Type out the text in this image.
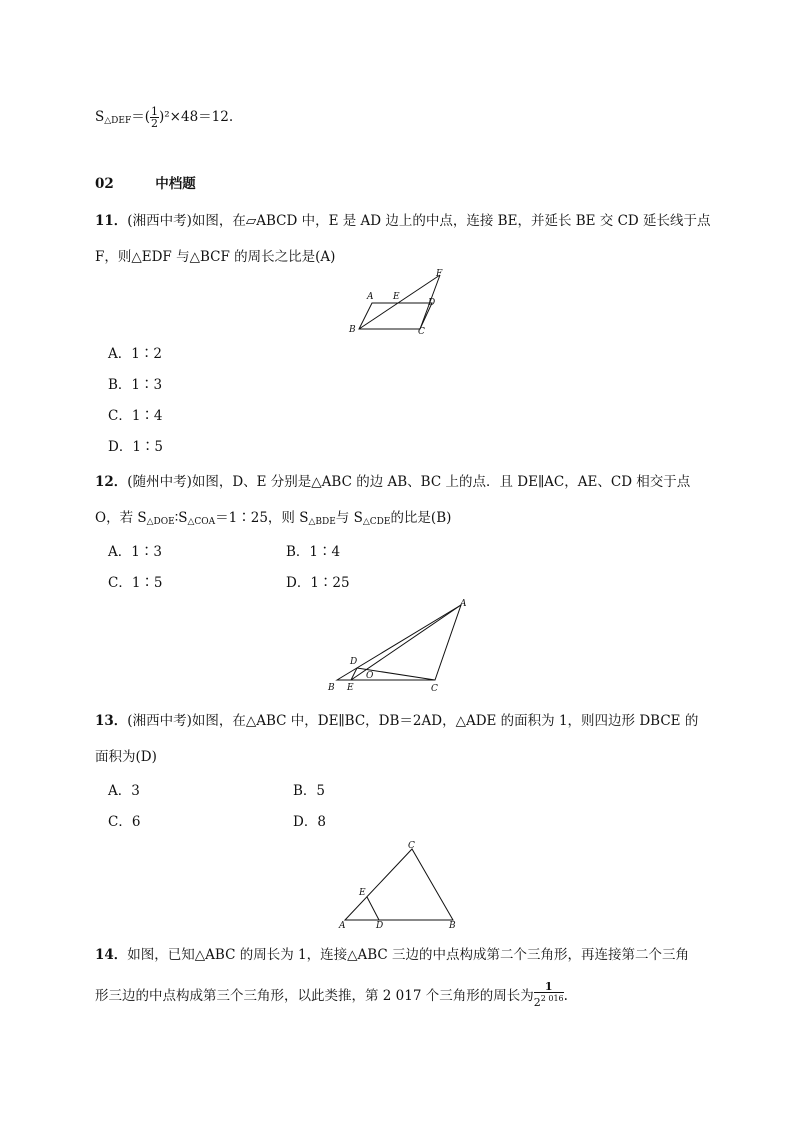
$S_{\triangle DEF}=( \frac{1}{2} )^2\times 48=12$.
02	中档题
11．(湘西中考)如图，在▱ABCD 中，E 是 AD 边上的中点，连接 BE，并延长 BE 交 CD 延长线于点
F，则△EDF 与△BCF 的周长之比是(A)
A E
D
F
B	C
A．1∶2
B．1∶3
C．1∶4
D．1∶5
12．(随州中考)如图，D、E 分别是△ABC 的边 AB、BC 上的点．且 DE∥AC，AE、CD 相交于点
O，若 $S_{\triangle DOE}∶S_{\triangle COA}=1∶25$，则 $S_{\triangle BDE}$与 $S_{\triangle CDE}$的比是(B)
A．1∶3	B．1∶4
C．1∶5	D．1∶25
A
D
O
B E	C
13．(湘西中考)如图，在△ABC 中，DE∥BC，DB＝2AD，△ADE 的面积为 1，则四边形 DBCE 的
面积为(D)
A．3	B．5
C．6	D．8
C
E
A	D	B
14．如图，已知△ABC 的周长为 1，连接△ABC 三边的中点构成第二个三角形，再连接第二个三角
形三边的中点构成第三个三角形，以此类推，第 2 017 个三角形的周长为 $\frac{1}{2^{2 016}}$ .
